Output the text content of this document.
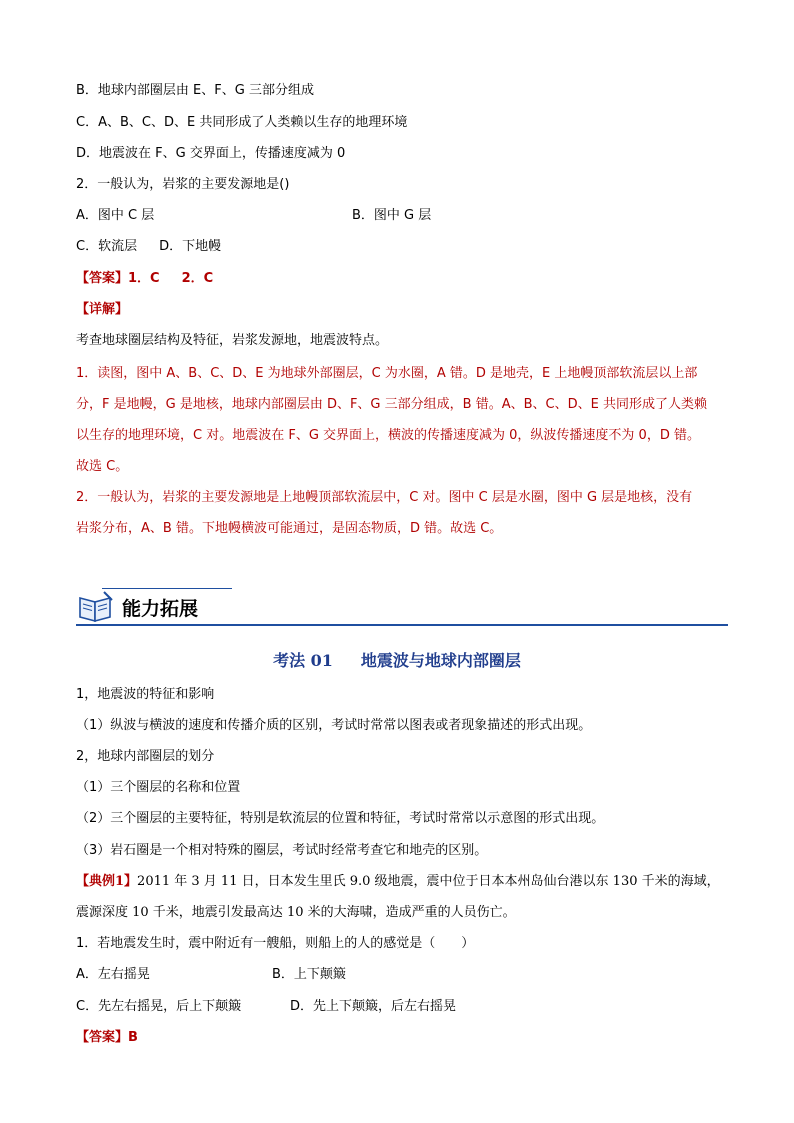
B．地球内部圈层由 E、F、G 三部分组成
C．A、B、C、D、E 共同形成了人类赖以生存的地理环境
D．地震波在 F、G 交界面上，传播速度减为 0
2．一般认为，岩浆的主要发源地是()
A．图中 C 层	B．图中 G 层
C．软流层 D．下地幔
【答案】1．C 2．C
【详解】
考查地球圈层结构及特征，岩浆发源地，地震波特点。
1．读图，图中 A、B、C、D、E 为地球外部圈层，C 为水圈，A 错。D 是地壳，E 上地幔顶部软流层以上部
分，F 是地幔，G 是地核，地球内部圈层由 D、F、G 三部分组成，B 错。A、B、C、D、E 共同形成了人类赖
以生存的地理环境，C 对。地震波在 F、G 交界面上，横波的传播速度减为 0，纵波传播速度不为 0，D 错。
故选 C。
2．一般认为，岩浆的主要发源地是上地幔顶部软流层中，C 对。图中 C 层是水圈，图中 G 层是地核，没有
岩浆分布，A、B 错。下地幔横波可能通过，是固态物质，D 错。故选 C。
能力拓展
考法 01 地震波与地球内部圈层
1，地震波的特征和影响
（1）纵波与横波的速度和传播介质的区别，考试时常常以图表或者现象描述的形式出现。
2，地球内部圈层的划分
（1）三个圈层的名称和位置
（2）三个圈层的主要特征，特别是软流层的位置和特征，考试时常常以示意图的形式出现。
（3）岩石圈是一个相对特殊的圈层，考试时经常考查它和地壳的区别。
【典例1】2011 年 3 月 11 日，日本发生里氏 9.0 级地震，震中位于日本本州岛仙台港以东 130 千米的海域，
震源深度 10 千米，地震引发最高达 10 米的大海啸，造成严重的人员伤亡。
1．若地震发生时，震中附近有一艘船，则船上的人的感觉是（　　）
A．左右摇晃	B．上下颠簸
C．先左右摇晃，后上下颠簸	D．先上下颠簸，后左右摇晃
【答案】B
